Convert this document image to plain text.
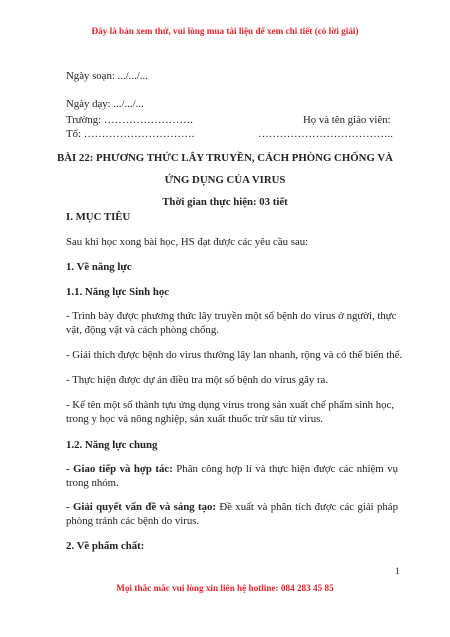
Đây là bản xem thử, vui lòng mua tài liệu để xem chi tiết (có lời giải)
Ngày soạn: .../.../...
Ngày dạy: .../.../...
Trường: …………………….	Họ và tên giáo viên:
Tổ: ………………………….	………………………………..
BÀI 22: PHƯƠNG THỨC LÂY TRUYỀN, CÁCH PHÒNG CHỐNG VÀ ỨNG DỤNG CỦA VIRUS
Thời gian thực hiện: 03 tiết
I. MỤC TIÊU
Sau khi học xong bài học, HS đạt được các yêu cầu sau:
1. Về năng lực
1.1. Năng lực Sinh học
- Trình bày được phương thức lây truyền một số bệnh do virus ở người, thực vật, động vật và cách phòng chống.
- Giải thích được bệnh do virus thường lây lan nhanh, rộng và có thể biến thể.
- Thực hiện được dự án điều tra một số bệnh do virus gây ra.
- Kể tên một số thành tựu ứng dụng virus trong sản xuất chế phẩm sinh học, trong y học và nông nghiệp, sản xuất thuốc trừ sâu từ virus.
1.2. Năng lực chung
- Giao tiếp và hợp tác: Phân công hợp lí và thực hiện được các nhiệm vụ trong nhóm.
- Giải quyết vấn đề và sáng tạo: Đề xuất và phân tích được các giải pháp phòng tránh các bệnh do virus.
2. Về phẩm chất:
1
Mọi thắc mắc vui lòng xin liên hệ hotline: 084 283 45 85
